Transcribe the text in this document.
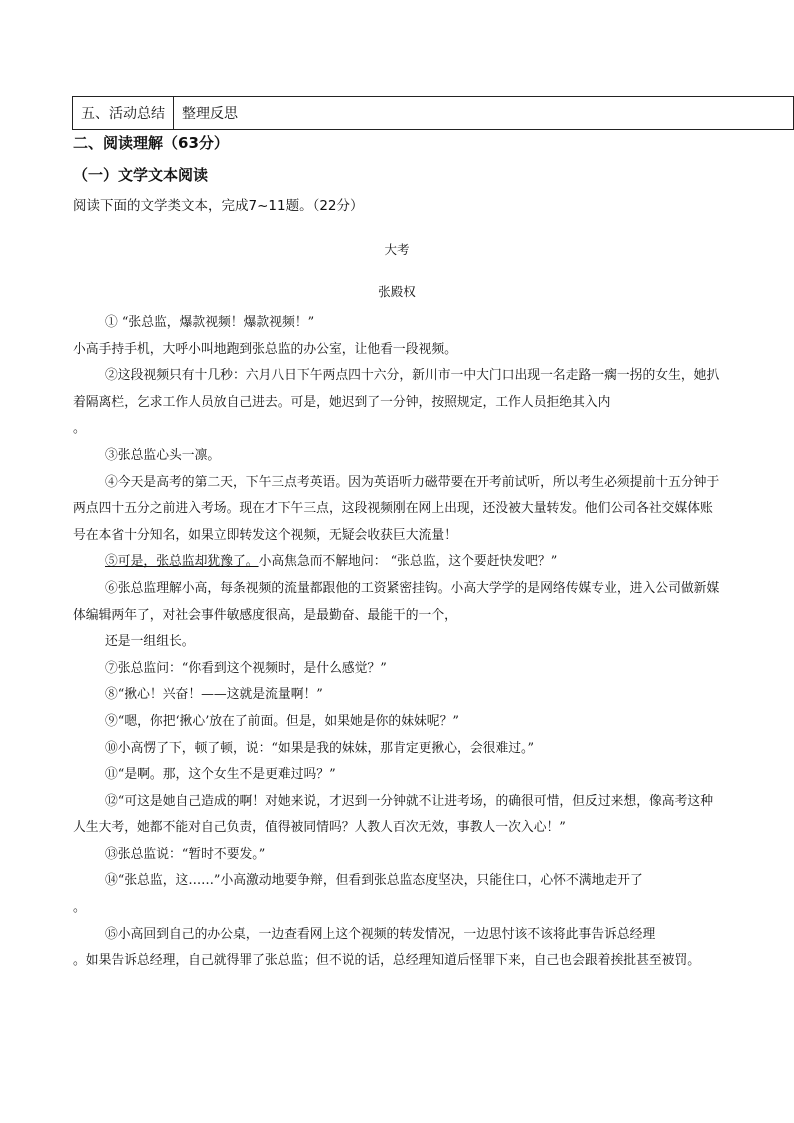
五、活动总结	整理反思
二、阅读理解（63分）
（一）文学文本阅读
阅读下面的文学类文本，完成7~11题。（22分）
大考
张殿权

① “张总监，爆款视频！爆款视频！”

小高手持手机，大呼小叫地跑到张总监的办公室，让他看一段视频。

②这段视频只有十几秒：六月八日下午两点四十六分，新川市一中大门口出现一名走路一瘸一拐的女生，她扒着隔离栏，乞求工作人员放自己进去。可是，她迟到了一分钟，按照规定，工作人员拒绝其入内

。

③张总监心头一凛。

④今天是高考的第二天，下午三点考英语。因为英语听力磁带要在开考前试听，所以考生必须提前十五分钟于两点四十五分之前进入考场。现在才下午三点，这段视频刚在网上出现，还没被大量转发。他们公司各社交媒体账号在本省十分知名，如果立即转发这个视频，无疑会收获巨大流量！

⑤可是，张总监却犹豫了。小高焦急而不解地问： “张总监，这个要赶快发吧？”

⑥张总监理解小高，每条视频的流量都跟他的工资紧密挂钩。小高大学学的是网络传媒专业，进入公司做新媒体编辑两年了，对社会事件敏感度很高，是最勤奋、最能干的一个，

还是一组组长。

⑦张总监问：“你看到这个视频时，是什么感觉？”

⑧“揪心！兴奋！——这就是流量啊！”

⑨“嗯，你把‘揪心’放在了前面。但是，如果她是你的妹妹呢？”

⑩小高愣了下，顿了顿，说：“如果是我的妹妹，那肯定更揪心，会很难过。”

⑪“是啊。那，这个女生不是更难过吗？”

⑫“可这是她自己造成的啊！对她来说，才迟到一分钟就不让进考场，的确很可惜，但反过来想，像高考这种人生大考，她都不能对自己负责，值得被同情吗？人教人百次无效，事教人一次入心！”

⑬张总监说：“暂时不要发。”

⑭“张总监，这……”小高激动地要争辩，但看到张总监态度坚决，只能住口，心怀不满地走开了

。

⑮小高回到自己的办公桌，一边查看网上这个视频的转发情况，一边思忖该不该将此事告诉总经理

。如果告诉总经理，自己就得罪了张总监；但不说的话，总经理知道后怪罪下来，自己也会跟着挨批甚至被罚。
